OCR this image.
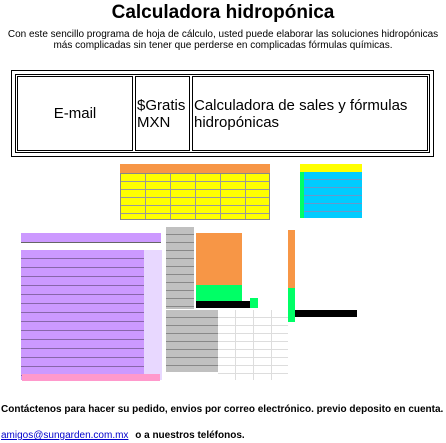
Calculadora hidropónica
Con este sencillo programa de hoja de cálculo, usted puede elaborar las soluciones hidropónicas más complicadas sin tener que perderse en complicadas fórmulas químicas.
E-mail	$Gratis MXN
Calculadora de sales y fórmulas hidropónicas
Contáctenos para hacer su pedido, envios por correo electrónico. previo deposito en cuenta.
amigos@sungarden.com.mx o a nuestros teléfonos.
